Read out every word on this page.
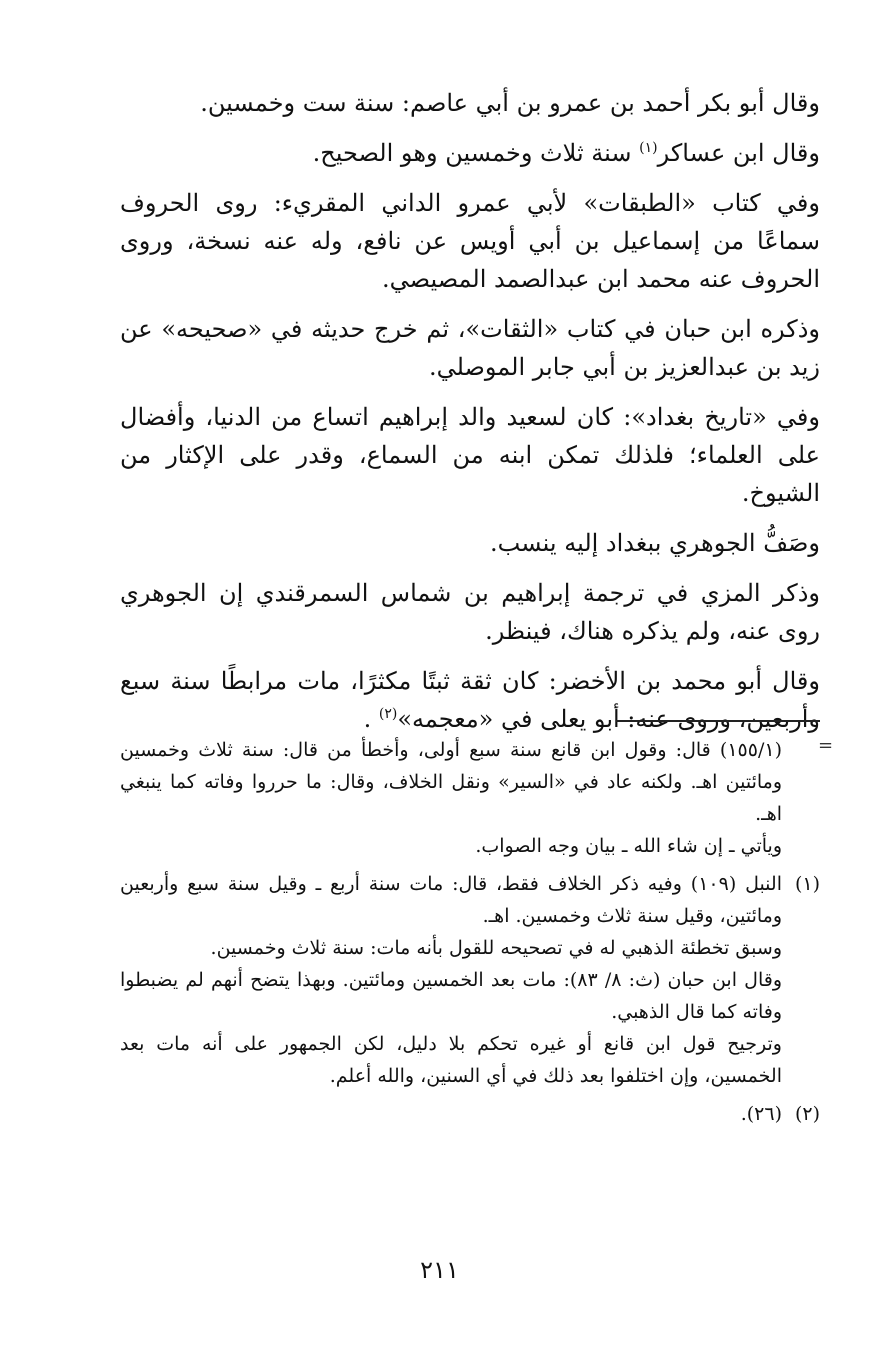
وقال أبو بكر أحمد بن عمرو بن أبي عاصم: سنة ست وخمسين.

وقال ابن عساكر$^{(١)}$ سنة ثلاث وخمسين وهو الصحيح.

وفي كتاب «الطبقات» لأبي عمرو الداني المقريء: روى الحروف سماعًا من إسماعيل بن أبي أويس عن نافع، وله عنه نسخة، وروى الحروف عنه محمد ابن عبدالصمد المصيصي.

وذكره ابن حبان في كتاب «الثقات»، ثم خرج حديثه في «صحيحه» عن زيد بن عبدالعزيز بن أبي جابر الموصلي.

وفي «تاريخ بغداد»: كان لسعيد والد إبراهيم اتساع من الدنيا، وأفضال على العلماء؛ فلذلك تمكن ابنه من السماع، وقدر على الإكثار من الشيوخ.

وصَفُّ الجوهري ببغداد إليه ينسب.

وذكر المزي في ترجمة إبراهيم بن شماس السمرقندي إن الجوهري روى عنه، ولم يذكره هناك، فينظر.

وقال أبو محمد بن الأخضر: كان ثقة ثبتًا مكثرًا، مات مرابطًا سنة سبع وأربعين، وروى عنه: أبو يعلى في «معجمه»$^{(٢)}$ .

=

(١٥٥/١) قال: وقول ابن قانع سنة سبع أولى، وأخطأ من قال: سنة ثلاث وخمسين ومائتين اهـ. ولكنه عاد في «السير» ونقل الخلاف، وقال: ما حرروا وفاته كما ينبغي اهـ.

ويأتي ـ إن شاء الله ـ بيان وجه الصواب.

(١)

النبل (١٠٩) وفيه ذكر الخلاف فقط، قال: مات سنة أربع ـ وقيل سنة سبع وأربعين ومائتين، وقيل سنة ثلاث وخمسين. اهـ.

وسبق تخطئة الذهبي له في تصحيحه للقول بأنه مات: سنة ثلاث وخمسين.

وقال ابن حبان (ث: ٨/ ٨٣): مات بعد الخمسين ومائتين. وبهذا يتضح أنهم لم يضبطوا وفاته كما قال الذهبي.

وترجيح قول ابن قانع أو غيره تحكم بلا دليل، لكن الجمهور على أنه مات بعد الخمسين، وإن اختلفوا بعد ذلك في أي السنين، والله أعلم.

(٢)

(٢٦).

٢١١
